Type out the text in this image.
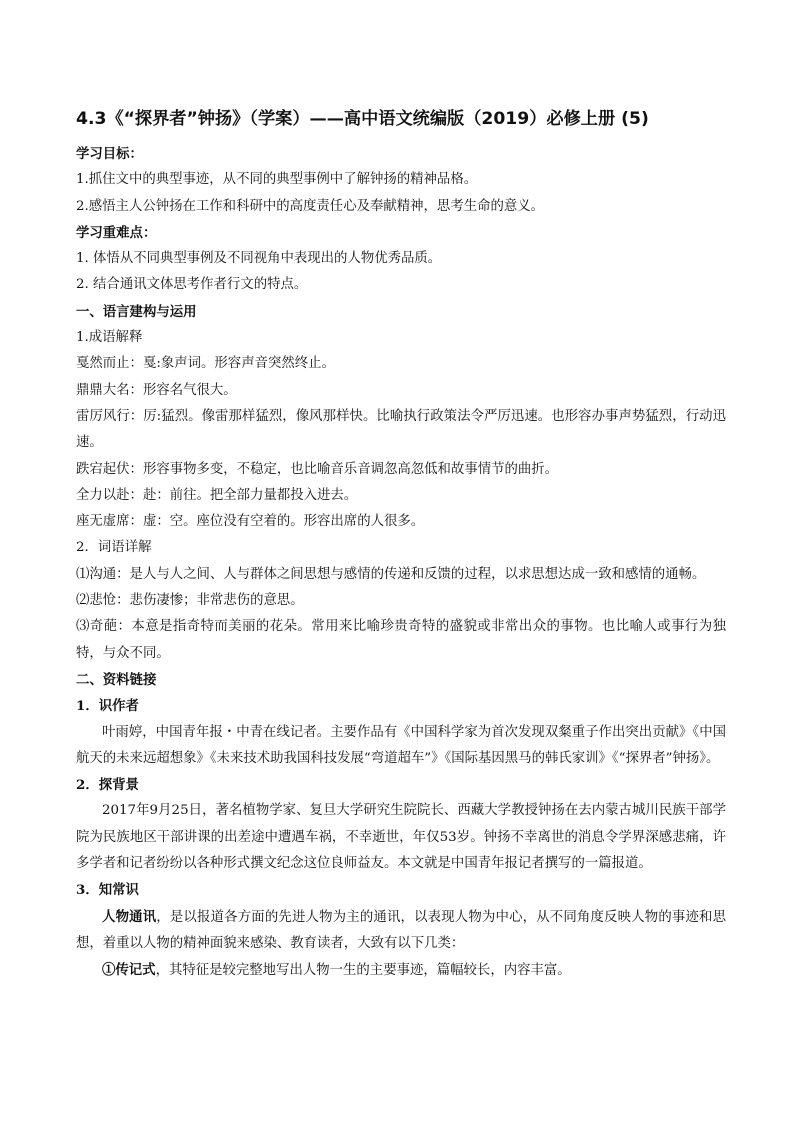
4.3《“探界者”钟扬》（学案）——高中语文统编版（2019）必修上册 (5)

学习目标：

1.抓住文中的典型事迹，从不同的典型事例中了解钟扬的精神品格。

2.感悟主人公钟扬在工作和科研中的高度责任心及奉献精神，思考生命的意义。

学习重难点：

1. 体悟从不同典型事例及不同视角中表现出的人物优秀品质。

2. 结合通讯文体思考作者行文的特点。

一、语言建构与运用

1.成语解释

戛然而止：戛:象声词。形容声音突然终止。

鼎鼎大名：形容名气很大。

雷厉风行：厉:猛烈。像雷那样猛烈，像风那样快。比喻执行政策法令严厉迅速。也形容办事声势猛烈，行动迅速。

跌宕起伏：形容事物多变，不稳定，也比喻音乐音调忽高忽低和故事情节的曲折。

全力以赴：赴：前往。把全部力量都投入进去。

座无虚席：虚：空。座位没有空着的。形容出席的人很多。

2．词语详解

⑴沟通：是人与人之间、人与群体之间思想与感情的传递和反馈的过程，以求思想达成一致和感情的通畅。

⑵悲怆：悲伤凄惨；非常悲伤的意思。

⑶奇葩：本意是指奇特而美丽的花朵。常用来比喻珍贵奇特的盛貌或非常出众的事物。也比喻人或事行为独特，与众不同。

二、资料链接

1．识作者

叶雨婷，中国青年报・中青在线记者。主要作品有《中国科学家为首次发现双粲重子作出突出贡献》《中国航天的未来远超想象》《未来技术助我国科技发展“弯道超车”》《国际基因黑马的韩氏家训》《“探界者”钟扬》。

2．探背景

2017年9月25日，著名植物学家、复旦大学研究生院院长、西藏大学教授钟扬在去内蒙古城川民族干部学院为民族地区干部讲课的出差途中遭遇车祸，不幸逝世，年仅53岁。钟扬不幸离世的消息令学界深感悲痛，许多学者和记者纷纷以各种形式撰文纪念这位良师益友。本文就是中国青年报记者撰写的一篇报道。

3．知常识

人物通讯，是以报道各方面的先进人物为主的通讯，以表现人物为中心，从不同角度反映人物的事迹和思想，着重以人物的精神面貌来感染、教育读者，大致有以下几类：

①传记式，其特征是较完整地写出人物一生的主要事迹，篇幅较长，内容丰富。
